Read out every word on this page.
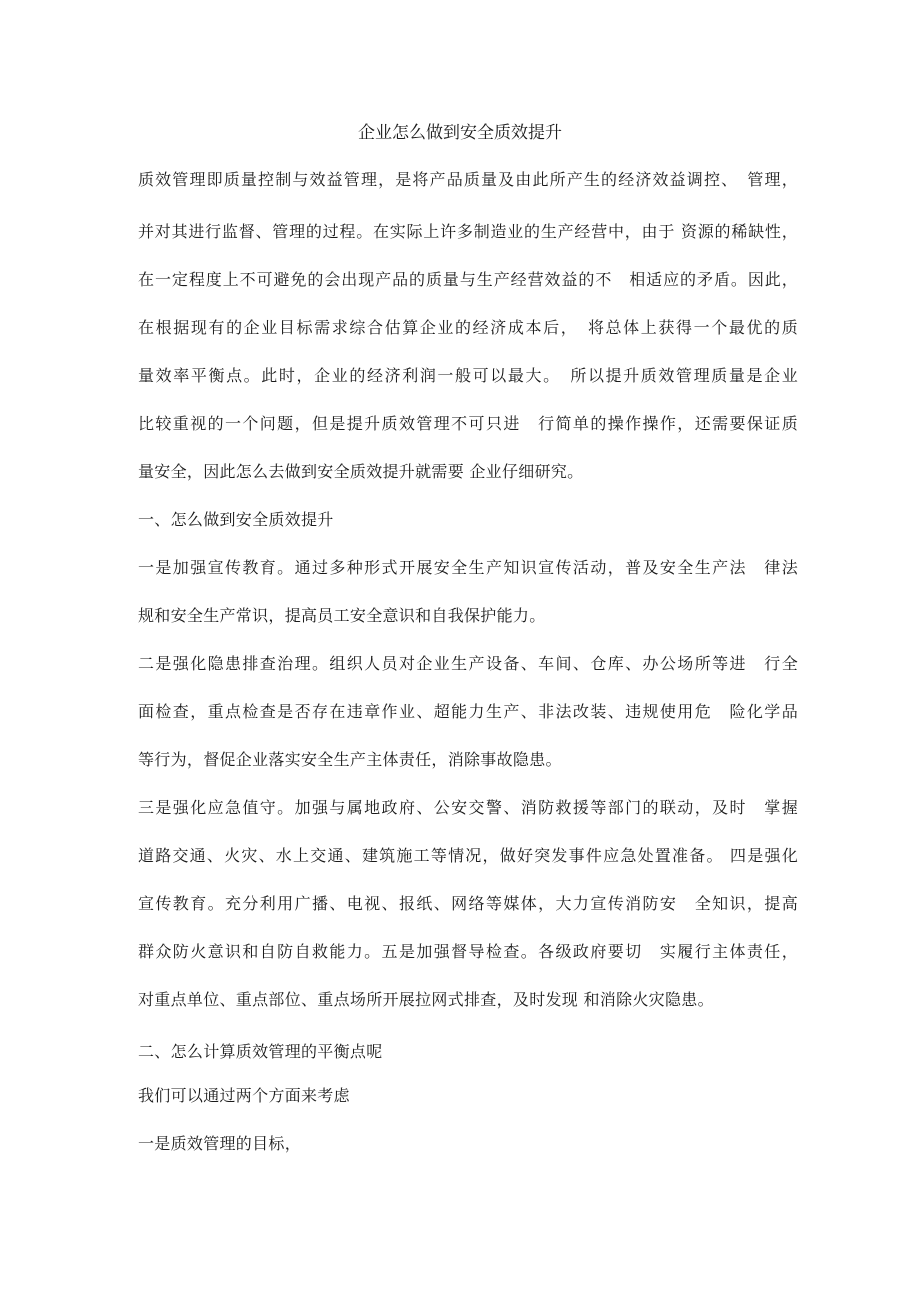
企业怎么做到安全质效提升
质效管理即质量控制与效益管理，是将产品质量及由此所产生的经济效益调控、　管理，
并对其进行监督、管理的过程。在实际上许多制造业的生产经营中，由于 资源的稀缺性，
在一定程度上不可避免的会出现产品的质量与生产经营效益的不　相适应的矛盾。因此，
在根据现有的企业目标需求综合估算企业的经济成本后，　将总体上获得一个最优的质
量效率平衡点。此时，企业的经济利润一般可以最大。　所以提升质效管理质量是企业
比较重视的一个问题，但是提升质效管理不可只进　行简单的操作操作，还需要保证质
量安全，因此怎么去做到安全质效提升就需要 企业仔细研究。
一、怎么做到安全质效提升
一是加强宣传教育。通过多种形式开展安全生产知识宣传活动，普及安全生产法　律法
规和安全生产常识，提高员工安全意识和自我保护能力。
二是强化隐患排查治理。组织人员对企业生产设备、车间、仓库、办公场所等进　行全
面检查，重点检查是否存在违章作业、超能力生产、非法改装、违规使用危　险化学品
等行为，督促企业落实安全生产主体责任，消除事故隐患。
三是强化应急值守。加强与属地政府、公安交警、消防救援等部门的联动，及时　掌握
道路交通、火灾、水上交通、建筑施工等情况，做好突发事件应急处置准备。 四是强化
宣传教育。充分利用广播、电视、报纸、网络等媒体，大力宣传消防安　全知识，提高
群众防火意识和自防自救能力。五是加强督导检查。各级政府要切　实履行主体责任，
对重点单位、重点部位、重点场所开展拉网式排查，及时发现 和消除火灾隐患。
二、怎么计算质效管理的平衡点呢
我们可以通过两个方面来考虑
一是质效管理的目标，
